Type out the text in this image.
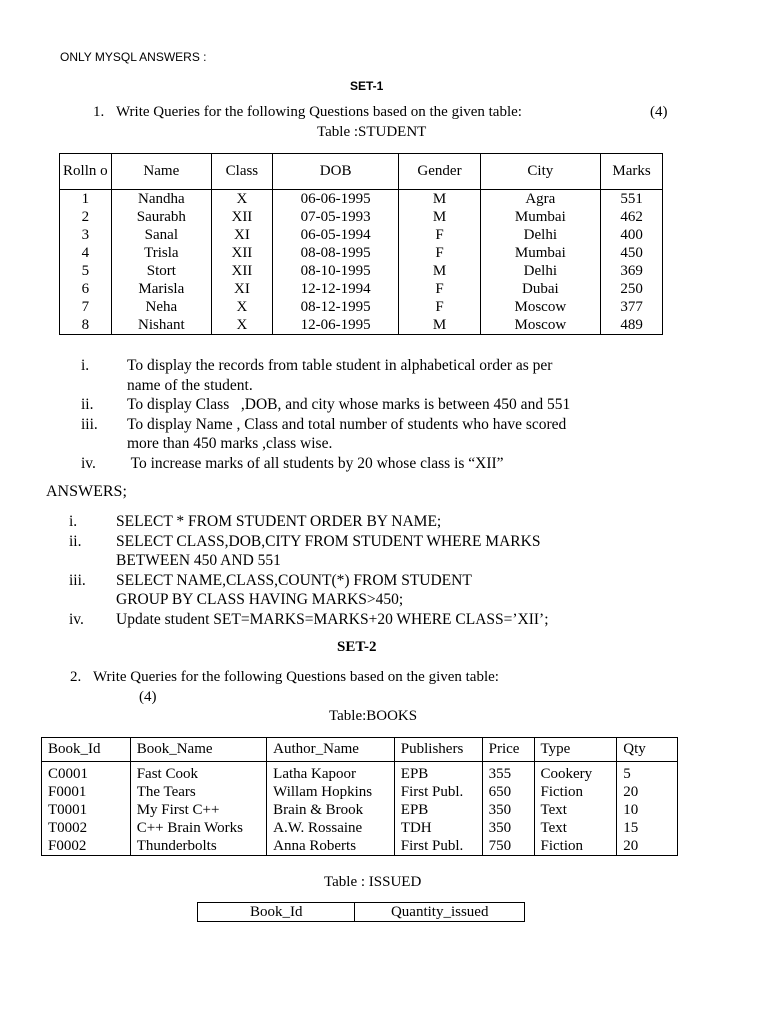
ONLY MYSQL ANSWERS :
SET-1
1. Write Queries for the following Questions based on the given table:	(4)
Table :STUDENT
Rolln o	Name	Class	DOB	Gender	City	Marks
1	Nandha	X	06-06-1995	M	Agra	551
2	Saurabh	XII	07-05-1993	M	Mumbai	462
3	Sanal	XI	06-05-1994	F	Delhi	400
4	Trisla	XII	08-08-1995	F	Mumbai	450
5	Stort	XII	08-10-1995	M	Delhi	369
6	Marisla	XI	12-12-1994	F	Dubai	250
7	Neha	X	08-12-1995	F	Moscow	377
8	Nishant	X	12-06-1995	M	Moscow	489
i. To display the records from table student in alphabetical order as per
name of the student.
ii. To display Class   ,DOB, and city whose marks is between 450 and 551
iii. To display Name , Class and total number of students who have scored
more than 450 marks ,class wise.
iv. To increase marks of all students by 20 whose class is “XII”
ANSWERS;
i.	SELECT * FROM STUDENT ORDER BY NAME;
ii. SELECT CLASS,DOB,CITY FROM STUDENT WHERE MARKS
BETWEEN 450 AND 551
iii. SELECT NAME,CLASS,COUNT(*) FROM STUDENT
GROUP BY CLASS HAVING MARKS>450;
iv. Update student SET=MARKS=MARKS+20 WHERE CLASS=’XII’;
SET-2
2. Write Queries for the following Questions based on the given table:
(4)
Table:BOOKS
Book_Id	Book_Name	Author_Name	Publishers	Price	Type	Qty
C0001	Fast Cook	Latha Kapoor	EPB	355	Cookery	5
F0001	The Tears	Willam Hopkins	First Publ.	650	Fiction	20
T0001	My First C++	Brain & Brook	EPB	350	Text	10
T0002	C++ Brain Works	A.W. Rossaine	TDH	350	Text	15
F0002	Thunderbolts	Anna Roberts	First Publ.	750	Fiction	20
Table : ISSUED
Book_Id	Quantity_issued
